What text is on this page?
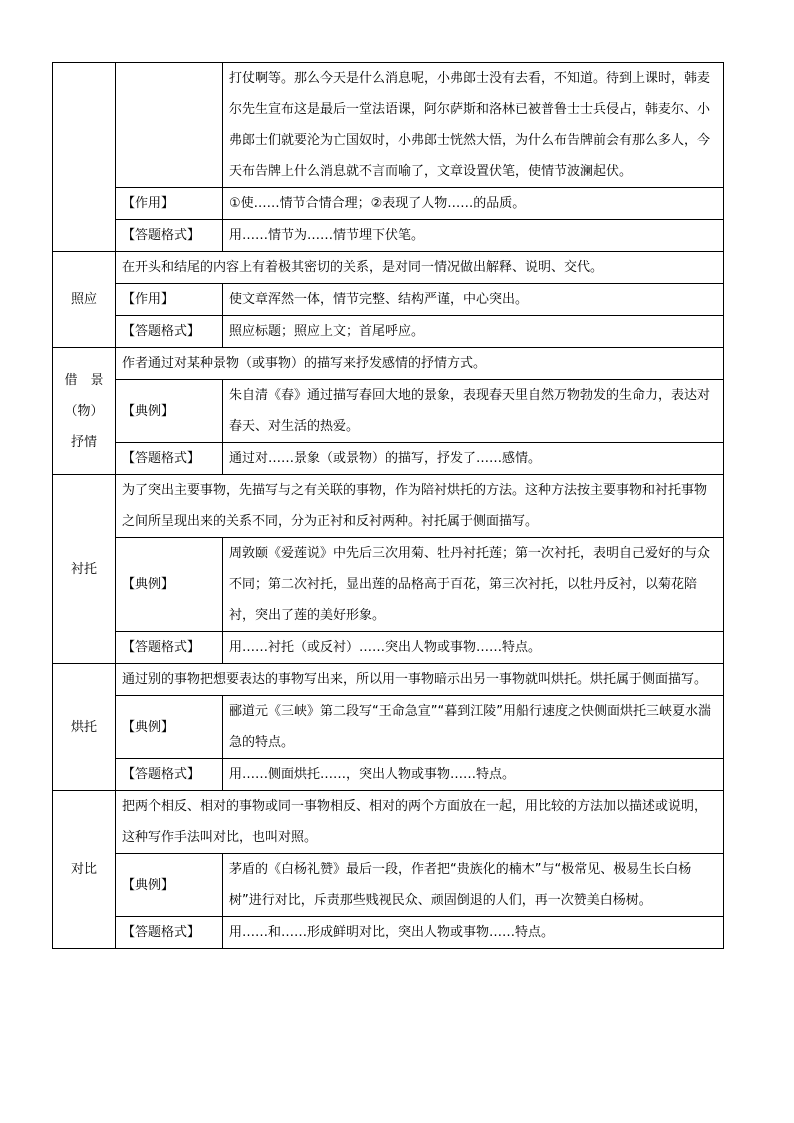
		打仗啊等。那么今天是什么消息呢，小弗郎士没有去看，不知道。待到上课时，韩麦尔先生宣布这是最后一堂法语课，阿尔萨斯和洛林已被普鲁士士兵侵占，韩麦尔、小弗郎士们就要沦为亡国奴时，小弗郎士恍然大悟，为什么布告牌前会有那么多人，今天布告牌上什么消息就不言而喻了，文章设置伏笔，使情节波澜起伏。
	【作用】	①使……情节合情合理；②表现了人物……的品质。
	【答题格式】	用……情节为……情节埋下伏笔。

照应	在开头和结尾的内容上有着极其密切的关系，是对同一情况做出解释、说明、交代。	
	【作用】	使文章浑然一体，情节完整、结构严谨，中心突出。
	【答题格式】	照应标题；照应上文；首尾呼应。

借　景
（物）
抒情	作者通过对某种景物（或事物）的描写来抒发感情的抒情方式。	
	【典例】	朱自清《春》通过描写春回大地的景象，表现春天里自然万物勃发的生命力，表达对春天、对生活的热爱。
	【答题格式】	通过对……景象（或景物）的描写，抒发了……感情。

衬托	为了突出主要事物，先描写与之有关联的事物，作为陪衬烘托的方法。这种方法按主要事物和衬托事物之间所呈现出来的关系不同，分为正衬和反衬两种。衬托属于侧面描写。	
	【典例】	周敦颐《爱莲说》中先后三次用菊、牡丹衬托莲；第一次衬托，表明自己爱好的与众不同；第二次衬托，显出莲的品格高于百花，第三次衬托，以牡丹反衬，以菊花陪衬，突出了莲的美好形象。
	【答题格式】	用……衬托（或反衬）……突出人物或事物……特点。

烘托	通过别的事物把想要表达的事物写出来，所以用一事物暗示出另一事物就叫烘托。烘托属于侧面描写。	
	【典例】	郦道元《三峡》第二段写“王命急宣”“暮到江陵”用船行速度之快侧面烘托三峡夏水湍急的特点。
	【答题格式】	用……侧面烘托……，突出人物或事物……特点。

对比	把两个相反、相对的事物或同一事物相反、相对的两个方面放在一起，用比较的方法加以描述或说明，这种写作手法叫对比，也叫对照。	
	【典例】	茅盾的《白杨礼赞》最后一段，作者把“贵族化的楠木”与“极常见、极易生长白杨树”进行对比，斥责那些贱视民众、顽固倒退的人们，再一次赞美白杨树。
	【答题格式】	用……和……形成鲜明对比，突出人物或事物……特点。
